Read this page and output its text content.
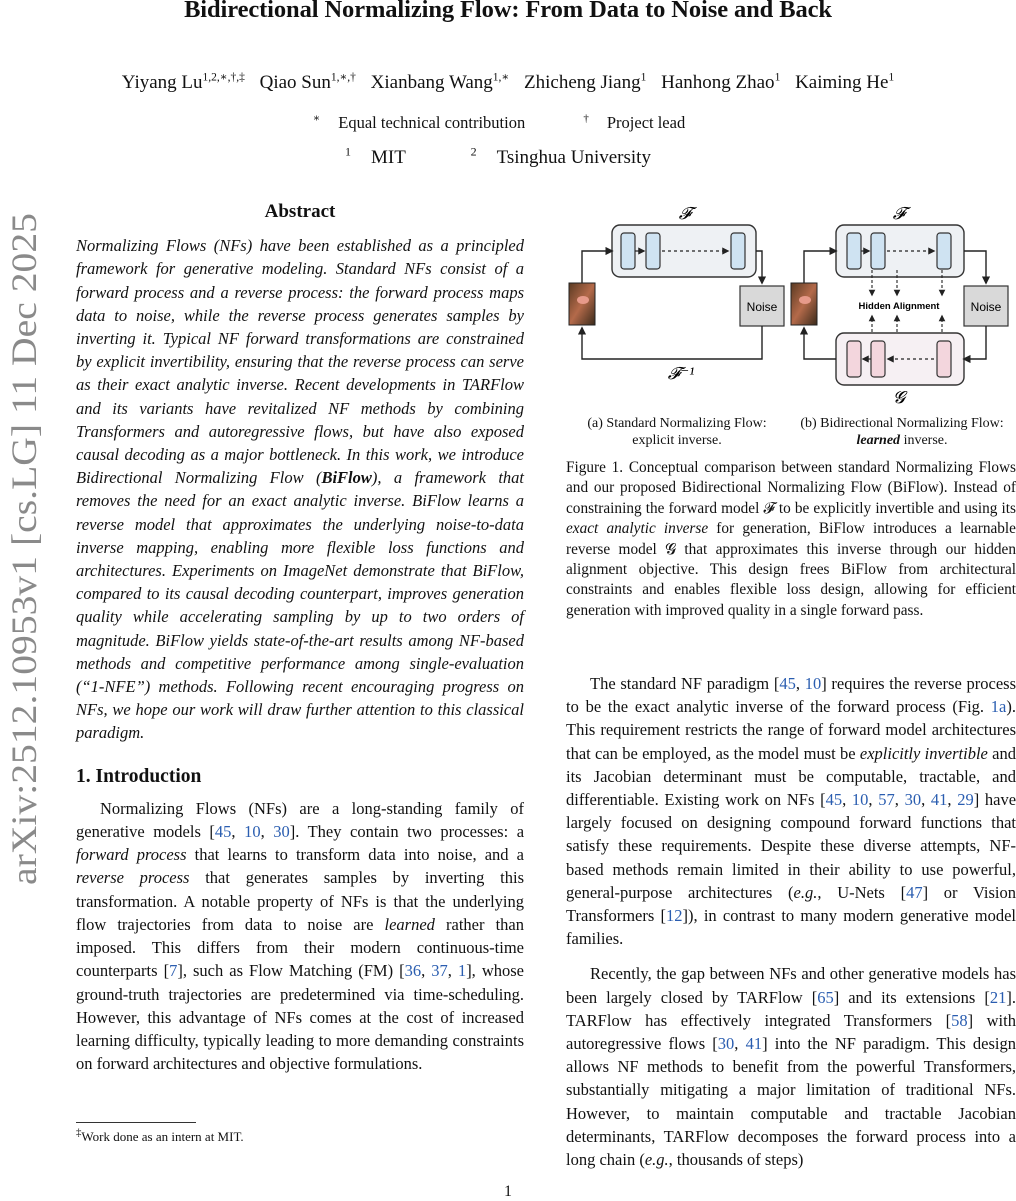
Bidirectional Normalizing Flow: From Data to Noise and Back
Yiyang $Lu^{1,2,∗,\dagger,\ddagger}$ Qiao Sun$^{1,∗,\dagger}$ Xianbang Wang$^{1,∗}$ Zhicheng Jiang$^1$ Hanhong Zhao$^1$ Kaiming He$^1$
∗ Equal technical contribution	† Project lead
$^1$ MIT	$^2$ Tsinghua University
arXiv:2512.10953v1 [cs.LG] 11 Dec 2025

Abstract

Normalizing Flows (NFs) have been established as a principled framework for generative modeling. Standard NFs consist of a forward process and a reverse process: the forward process maps data to noise, while the reverse process generates samples by inverting it. Typical NF forward transformations are constrained by explicit invertibility, ensuring that the reverse process can serve as their exact analytic inverse. Recent developments in TARFlow and its variants have revitalized NF methods by combining Transformers and autoregressive flows, but have also exposed causal decoding as a major bottleneck. In this work, we introduce Bidirectional Normalizing Flow (BiFlow), a framework that removes the need for an exact analytic inverse. BiFlow learns a reverse model that approximates the underlying noise-to-data inverse mapping, enabling more flexible loss functions and architectures. Experiments on ImageNet demonstrate that BiFlow, compared to its causal decoding counterpart, improves generation quality while accelerating sampling by up to two orders of magnitude. BiFlow yields state-of-the-art results among NF-based methods and competitive performance among single-evaluation (“1-NFE”) methods. Following recent encouraging progress on NFs, we hope our work will draw further attention to this classical paradigm.

1. Introduction

Normalizing Flows (NFs) are a long-standing family of generative models [45, 10, 30]. They contain two processes: a forward process that learns to transform data into noise, and a reverse process that generates samples by inverting this transformation. A notable property of NFs is that the underlying flow trajectories from data to noise are learned rather than imposed. This differs from their modern continuous-time counterparts [7], such as Flow Matching (FM) [36, 37, 1], whose ground-truth trajectories are predetermined via time-scheduling. However, this advantage of NFs comes at the cost of increased learning difficulty, typically leading to more demanding constraints on forward architectures and objective formulations.

‡Work done as an intern at MIT.
𝓕
Noise
𝓕⁻¹
𝓕
Noise
Hidden Alignment
𝓖
(a) Standard Normalizing Flow:
explicit inverse.
(b) Bidirectional Normalizing Flow:
learned inverse.

Figure 1. Conceptual comparison between standard Normalizing Flows and our proposed Bidirectional Normalizing Flow (BiFlow). Instead of constraining the forward model 𝓕 to be explicitly invertible and using its exact analytic inverse for generation, BiFlow introduces a learnable reverse model 𝓖 that approximates this inverse through our hidden alignment objective. This design frees BiFlow from architectural constraints and enables flexible loss design, allowing for efficient generation with improved quality in a single forward pass.

The standard NF paradigm [45, 10] requires the reverse process to be the exact analytic inverse of the forward process (Fig. 1a). This requirement restricts the range of forward model architectures that can be employed, as the model must be explicitly invertible and its Jacobian determinant must be computable, tractable, and differentiable. Existing work on NFs [45, 10, 57, 30, 41, 29] have largely focused on designing compound forward functions that satisfy these requirements. Despite these diverse attempts, NF-based methods remain limited in their ability to use powerful, general-purpose architectures (e.g., U-Nets [47] or Vision Transformers [12]), in contrast to many modern generative model families.

Recently, the gap between NFs and other generative models has been largely closed by TARFlow [65] and its extensions [21]. TARFlow has effectively integrated Transformers [58] with autoregressive flows [30, 41] into the NF paradigm. This design allows NF methods to benefit from the powerful Transformers, substantially mitigating a major limitation of traditional NFs. However, to maintain computable and tractable Jacobian determinants, TARFlow decomposes the forward process into a long chain (e.g., thousands of steps)

1
